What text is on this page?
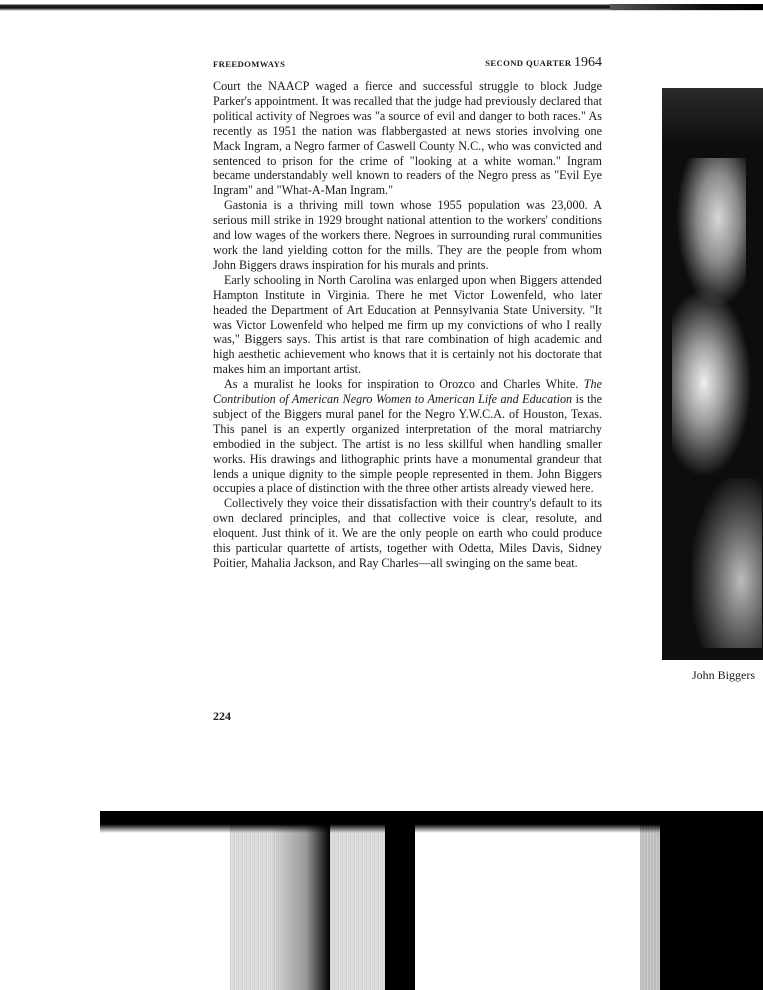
FREEDOMWAYS	SECOND QUARTER 1964

Court the NAACP waged a fierce and successful struggle to block Judge Parker's appointment. It was recalled that the judge had previously declared that political activity of Negroes was "a source of evil and danger to both races." As recently as 1951 the nation was flabbergasted at news stories involving one Mack Ingram, a Negro farmer of Caswell County N.C., who was convicted and sentenced to prison for the crime of "looking at a white woman." Ingram became understandably well known to readers of the Negro press as "Evil Eye Ingram" and "What-A-Man Ingram."

Gastonia is a thriving mill town whose 1955 population was 23,000. A serious mill strike in 1929 brought national attention to the workers' conditions and low wages of the workers there. Negroes in surrounding rural communities work the land yielding cotton for the mills. They are the people from whom John Biggers draws inspiration for his murals and prints.

Early schooling in North Carolina was enlarged upon when Biggers attended Hampton Institute in Virginia. There he met Victor Lowenfeld, who later headed the Department of Art Education at Pennsylvania State University. "It was Victor Lowenfeld who helped me firm up my convictions of who I really was," Biggers says. This artist is that rare combination of high academic and high aesthetic achievement who knows that it is certainly not his doctorate that makes him an important artist.

As a muralist he looks for inspiration to Orozco and Charles White. The Contribution of American Negro Women to American Life and Education is the subject of the Biggers mural panel for the Negro Y.W.C.A. of Houston, Texas. This panel is an expertly organized interpretation of the moral matriarchy embodied in the subject. The artist is no less skillful when handling smaller works. His drawings and lithographic prints have a monumental grandeur that lends a unique dignity to the simple people represented in them. John Biggers occupies a place of distinction with the three other artists already viewed here.

Collectively they voice their dissatisfaction with their country's default to its own declared principles, and that collective voice is clear, resolute, and eloquent. Just think of it. We are the only people on earth who could produce this particular quartette of artists, together with Odetta, Miles Davis, Sidney Poitier, Mahalia Jackson, and Ray Charles—all swinging on the same beat.

224
John Biggers
